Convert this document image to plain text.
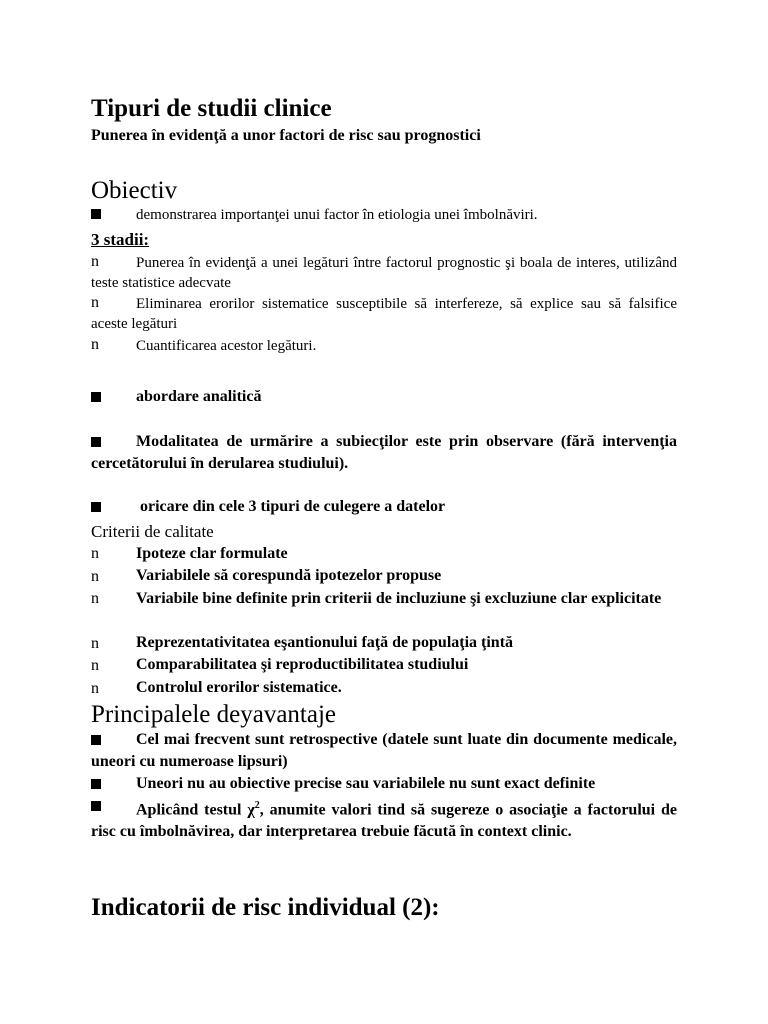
Tipuri de studii clinice
Punerea în evidenţă a unor factori de risc sau prognostici
Obiectiv
demonstrarea importanţei unui factor în etiologia unei îmbolnăviri.
3 stadii:
n	Punerea în evidenţă a unei legături între factorul prognostic şi boala de interes, utilizând teste statistice adecvate
n	Eliminarea erorilor sistematice susceptibile să interfereze, să explice sau să falsifice aceste legături
n Cuantificarea acestor legături.
abordare analitică
Modalitatea de urmărire a subiecţilor este prin observare (fără intervenţia cercetătorului în derularea studiului).
oricare din cele 3 tipuri de culegere a datelor
Criterii de calitate
n Ipoteze clar formulate
n Variabilele să corespundă ipotezelor propuse
n	Variabile bine definite prin criterii de incluziune şi excluziune clar explicitate
n Reprezentativitatea eşantionului faţă de populaţia ţintă
n Comparabilitatea şi reproductibilitatea studiului
n Controlul erorilor sistematice.
Principalele deyavantaje
Cel mai frecvent sunt retrospective (datele sunt luate din documente medicale, uneori cu numeroase lipsuri)
Uneori nu au obiective precise sau variabilele nu sunt exact definite
Aplicând testul $\chi^2$, anumite valori tind să sugereze o asociaţie a factorului de risc cu îmbolnăvirea, dar interpretarea trebuie făcută în context clinic.
Indicatorii de risc individual (2):
